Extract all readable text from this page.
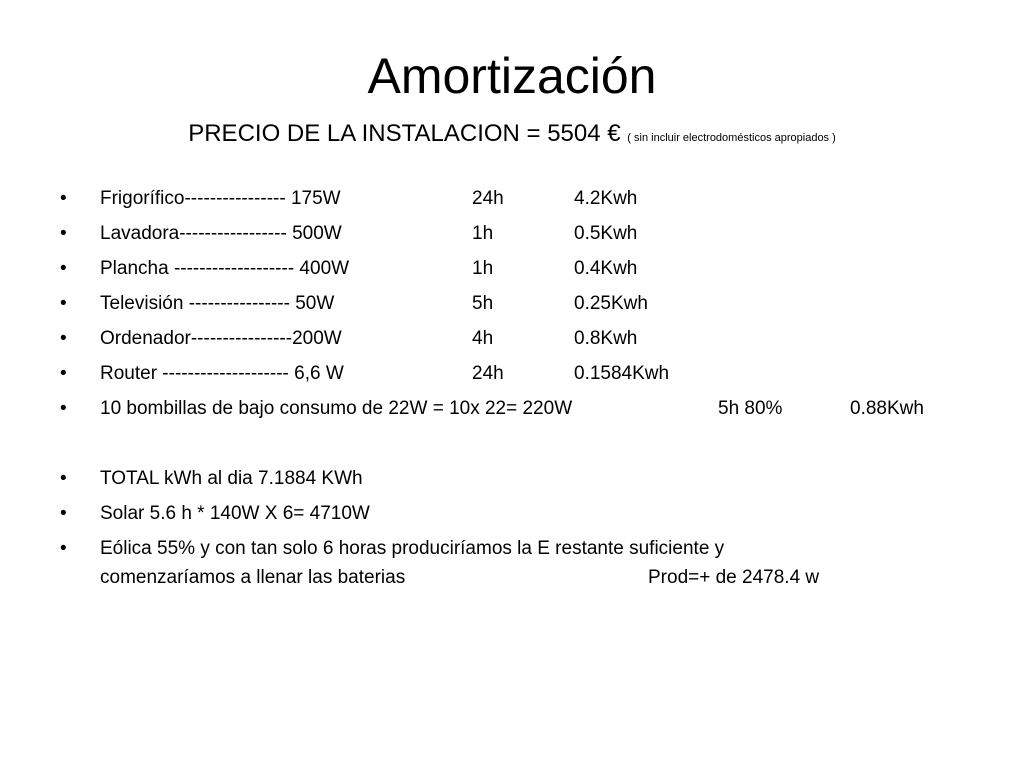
Amortización
PRECIO DE LA INSTALACION = 5504 € ( sin incluir electrodomésticos apropiados )
• Frigorífico---------------- 175W	24h	4.2Kwh
• Lavadora----------------- 500W	1h	0.5Kwh
• Plancha ------------------- 400W	1h	0.4Kwh
• Televisión ---------------- 50W	5h	0.25Kwh
• Ordenador----------------200W	4h	0.8Kwh
• Router -------------------- 6,6 W	24h	0.1584Kwh
• 10 bombillas de bajo consumo de 22W = 10x 22= 220W	5h 80%	0.88Kwh
• TOTAL kWh al dia 7.1884 KWh
• Solar 5.6 h * 140W X 6= 4710W
• Eólica 55% y con tan solo 6 horas produciríamos la E restante suficiente y
comenzaríamos a llenar las baterias	Prod=+ de 2478.4 w
